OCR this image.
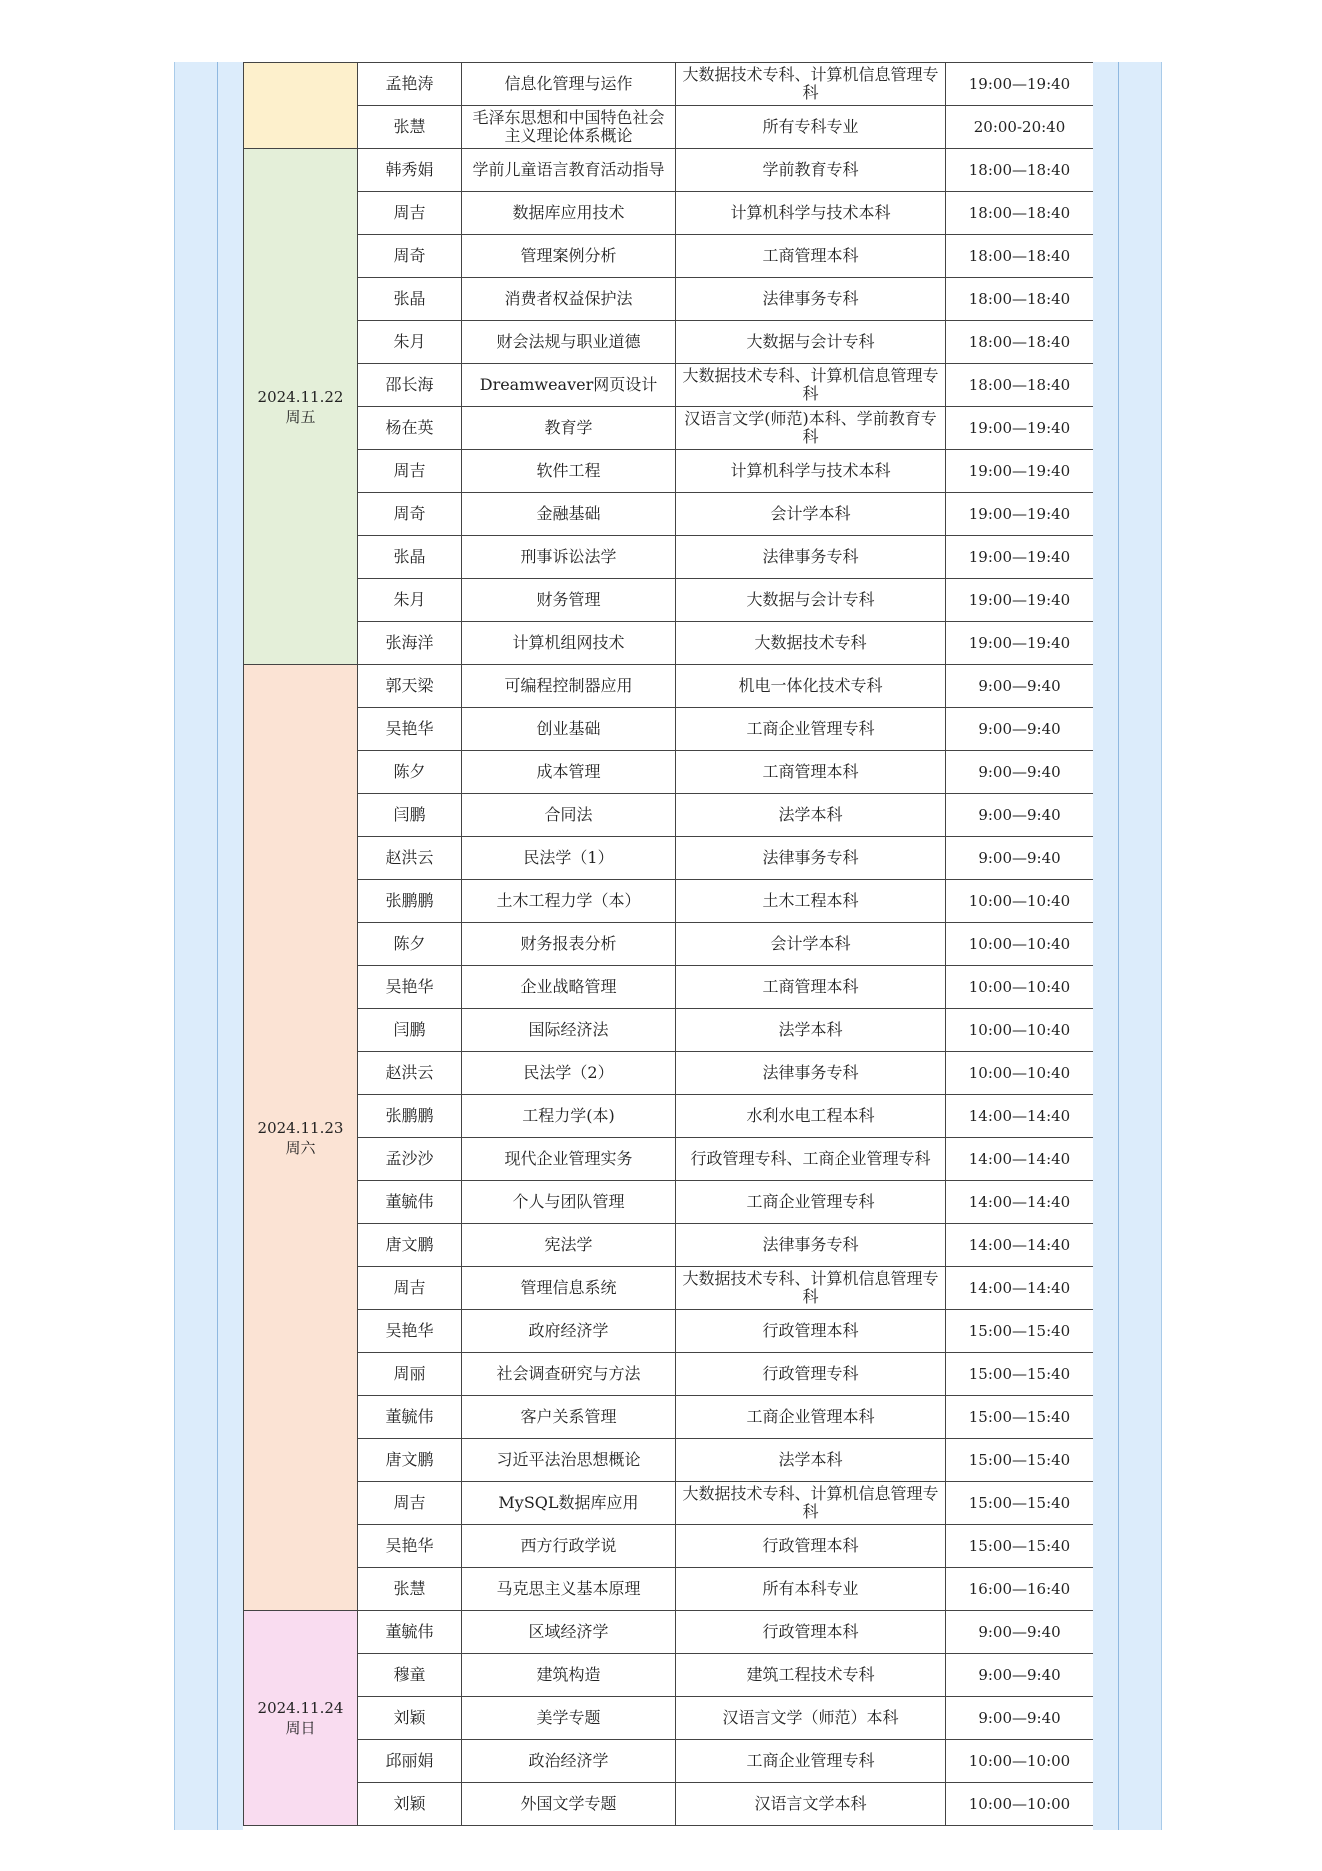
	孟艳涛	信息化管理与运作	大数据技术专科、计算机信息管理专科	19:00—19:40
	张慧	毛泽东思想和中国特色社会主义理论体系概论	所有专科专业	20:00-20:40

2024.11.22
周五	韩秀娟	学前儿童语言教育活动指导	学前教育专科	18:00—18:40
	周吉	数据库应用技术	计算机科学与技术本科	18:00—18:40
	周奇	管理案例分析	工商管理本科	18:00—18:40
	张晶	消费者权益保护法	法律事务专科	18:00—18:40
	朱月	财会法规与职业道德	大数据与会计专科	18:00—18:40
	邵长海	Dreamweaver网页设计	大数据技术专科、计算机信息管理专科	18:00—18:40
	杨在英	教育学	汉语言文学(师范)本科、学前教育专科	19:00—19:40
	周吉	软件工程	计算机科学与技术本科	19:00—19:40
	周奇	金融基础	会计学本科	19:00—19:40
	张晶	刑事诉讼法学	法律事务专科	19:00—19:40
	朱月	财务管理	大数据与会计专科	19:00—19:40
	张海洋	计算机组网技术	大数据技术专科	19:00—19:40

2024.11.23
周六	郭天梁	可编程控制器应用	机电一体化技术专科	9:00—9:40
	吴艳华	创业基础	工商企业管理专科	9:00—9:40
	陈夕	成本管理	工商管理本科	9:00—9:40
	闫鹏	合同法	法学本科	9:00—9:40
	赵洪云	民法学（1）	法律事务专科	9:00—9:40
	张鹏鹏	土木工程力学（本）	土木工程本科	10:00—10:40
	陈夕	财务报表分析	会计学本科	10:00—10:40
	吴艳华	企业战略管理	工商管理本科	10:00—10:40
	闫鹏	国际经济法	法学本科	10:00—10:40
	赵洪云	民法学（2）	法律事务专科	10:00—10:40
	张鹏鹏	工程力学(本)	水利水电工程本科	14:00—14:40
	孟沙沙	现代企业管理实务	行政管理专科、工商企业管理专科	14:00—14:40
	董毓伟	个人与团队管理	工商企业管理专科	14:00—14:40
	唐文鹏	宪法学	法律事务专科	14:00—14:40
	周吉	管理信息系统	大数据技术专科、计算机信息管理专科	14:00—14:40
	吴艳华	政府经济学	行政管理本科	15:00—15:40
	周丽	社会调查研究与方法	行政管理专科	15:00—15:40
	董毓伟	客户关系管理	工商企业管理本科	15:00—15:40
	唐文鹏	习近平法治思想概论	法学本科	15:00—15:40
	周吉	MySQL数据库应用	大数据技术专科、计算机信息管理专科	15:00—15:40
	吴艳华	西方行政学说	行政管理本科	15:00—15:40
	张慧	马克思主义基本原理	所有本科专业	16:00—16:40

2024.11.24
周日	董毓伟	区域经济学	行政管理本科	9:00—9:40
	穆童	建筑构造	建筑工程技术专科	9:00—9:40
	刘颖	美学专题	汉语言文学（师范）本科	9:00—9:40
	邱丽娟	政治经济学	工商企业管理专科	10:00—10:00
	刘颖	外国文学专题	汉语言文学本科	10:00—10:00
